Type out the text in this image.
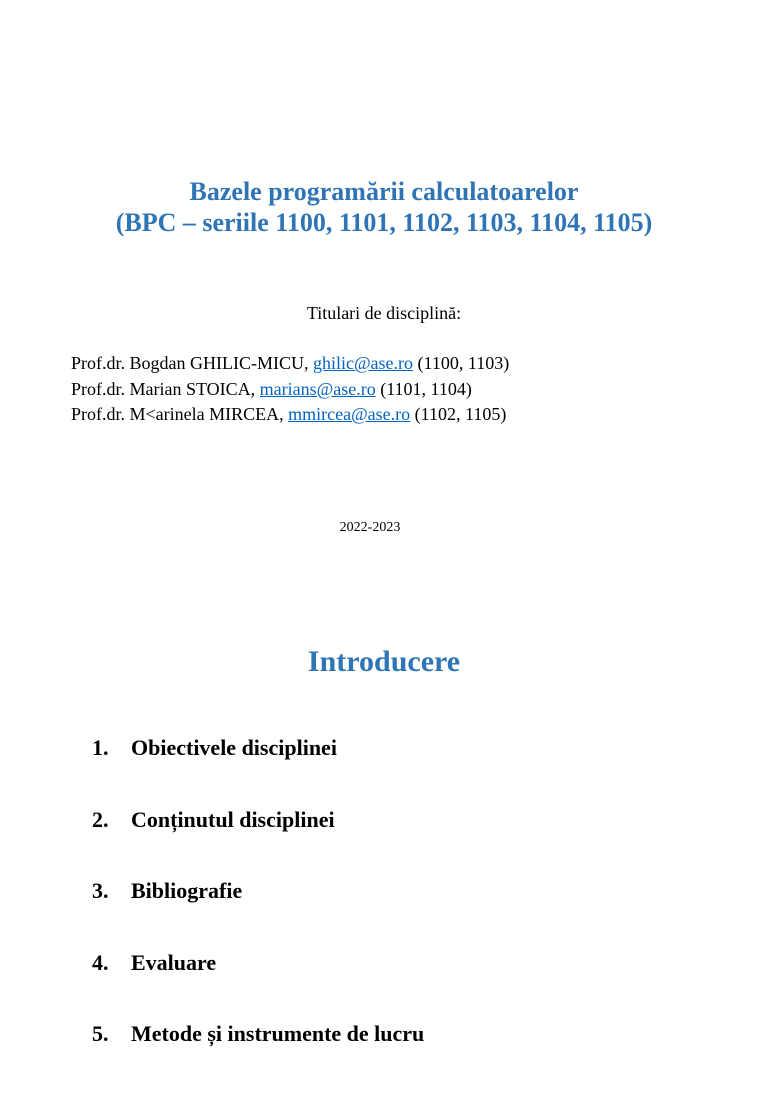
Bazele programării calculatoarelor
(BPC – seriile 1100, 1101, 1102, 1103, 1104, 1105)
Titulari de disciplină:
Prof.dr. Bogdan GHILIC-MICU, ghilic@ase.ro (1100, 1103)
Prof.dr. Marian STOICA, marians@ase.ro (1101, 1104)
Prof.dr. M<arinela MIRCEA, mmircea@ase.ro (1102, 1105)
2022-2023
Introducere
1. Obiectivele disciplinei
2. Conținutul disciplinei
3. Bibliografie
4. Evaluare
5. Metode și instrumente de lucru
